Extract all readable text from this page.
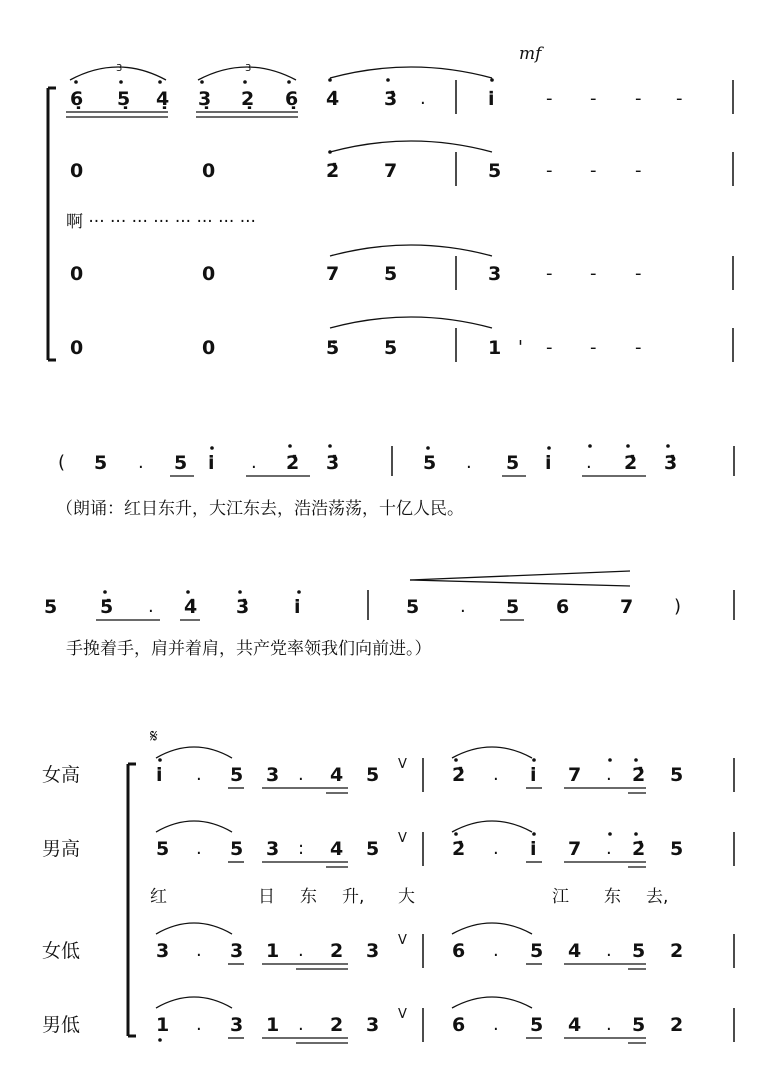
mf
6̣ 5̣ 4̣ 3̣ 2̣ 6̣ 4̇ 3̇ .	i̇	- - - -
0	0	2̇ 7	5 - - -
0	0	7 5	3 - - -
0	0	5 5	1 ' - - -
3	3
啊 ··· ··· ··· ··· ··· ··· ··· ···
( 5 . 5 i . 2̇ 3̇	5 . 5 i . 2̇ 3̇
（朗诵：红日东升，大江东去，浩浩荡荡，十亿人民。
5 5̇ . 4̇ 3̇ i	5 . 5 6	7 )
手挽着手，肩并着肩，共产党率领我们向前进。）
𝄋
女高	i . 5 3 . 4 5 V 2̇ . i 7 . 2̇ 5
男高	5 . 5 3 : 4 5 V 2̇ . i 7 . 2̇ 5
女低	3 . 3 1 . 2 3 V 6 . 5 4 . 5 2
男低	1 . 3 1 . 2 3 V 6 . 5 4 . 5 2
红	日 东 升, 大	江 东 去,
